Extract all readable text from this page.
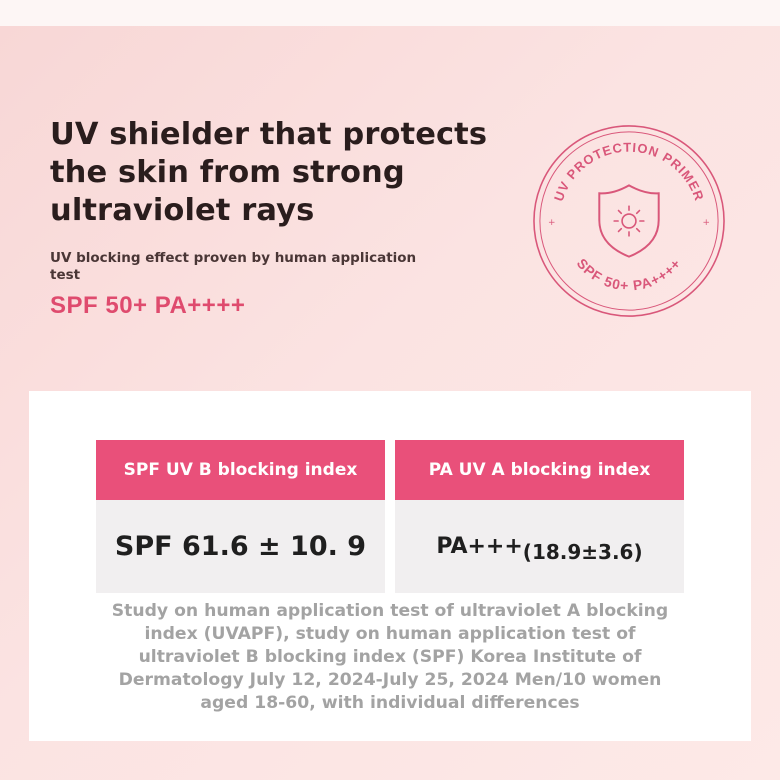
UV shielder that protects the skin from strong ultraviolet rays

UV blocking effect proven by human application test

SPF 50+ PA++++
UV PROTECTION PRIMER
SPF 50+ PA++++
+	+
SPF UV B blocking index
SPF 61.6 ± 10. 9
PA UV A blocking index
PA+++ (18.9±3.6)

Study on human application test of ultraviolet A blocking index (UVAPF), study on human application test of ultraviolet B blocking index (SPF) Korea Institute of Dermatology July 12, 2024-July 25, 2024 Men/10 women aged 18-60, with individual differences
